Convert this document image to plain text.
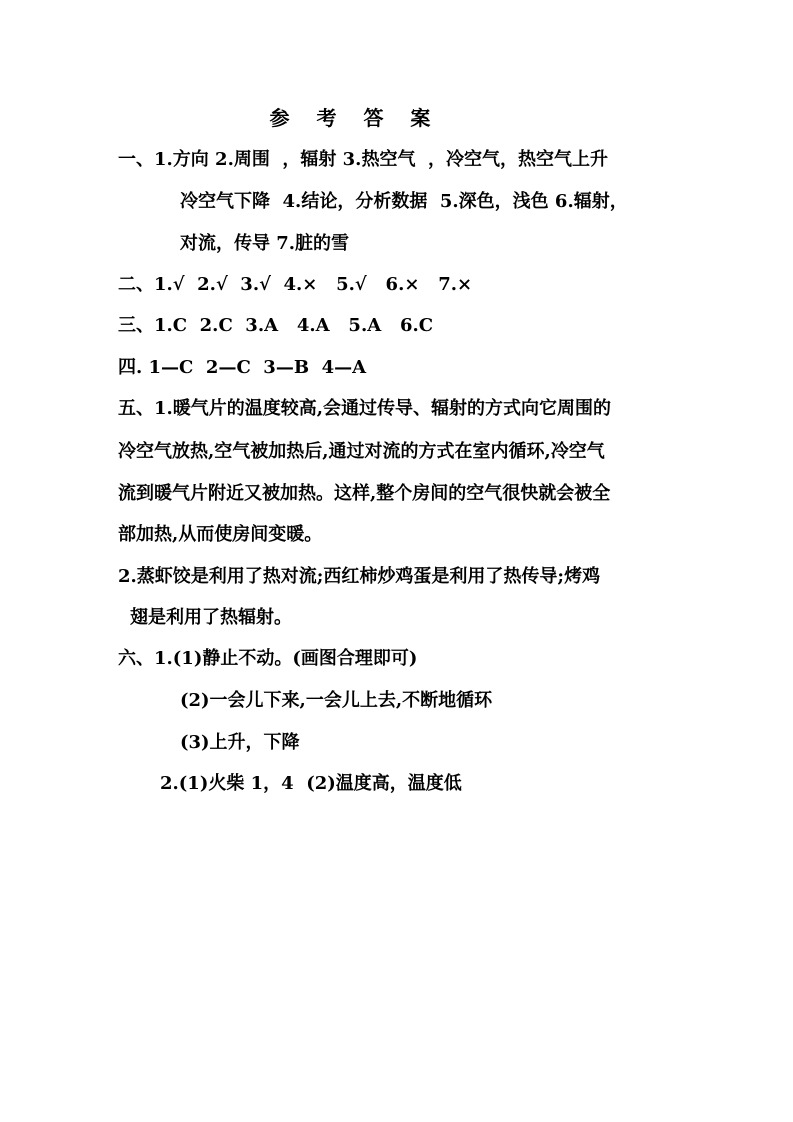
参 考 答 案
一、1.方向 2.周围  ，辐射 3.热空气  ，冷空气，热空气上升
冷空气下降  4.结论，分析数据  5.深色，浅色 6.辐射，
对流，传导 7.脏的雪
二、1.√  2.√  3.√  4.×   5.√   6.×   7.×
三、1.C  2.C  3.A   4.A   5.A   6.C
四. 1—C  2—C  3—B  4—A
五、1.暖气片的温度较高,会通过传导、辐射的方式向它周围的
冷空气放热,空气被加热后,通过对流的方式在室内循环,冷空气
流到暖气片附近又被加热。这样,整个房间的空气很快就会被全
部加热,从而使房间变暖。
2.蒸虾饺是利用了热对流;西红柿炒鸡蛋是利用了热传导;烤鸡
翅是利用了热辐射。
六、1.(1)静止不动。(画图合理即可)
(2)一会儿下来,一会儿上去,不断地循环
(3)上升，下降
2.(1)火柴 1，4  (2)温度高，温度低
